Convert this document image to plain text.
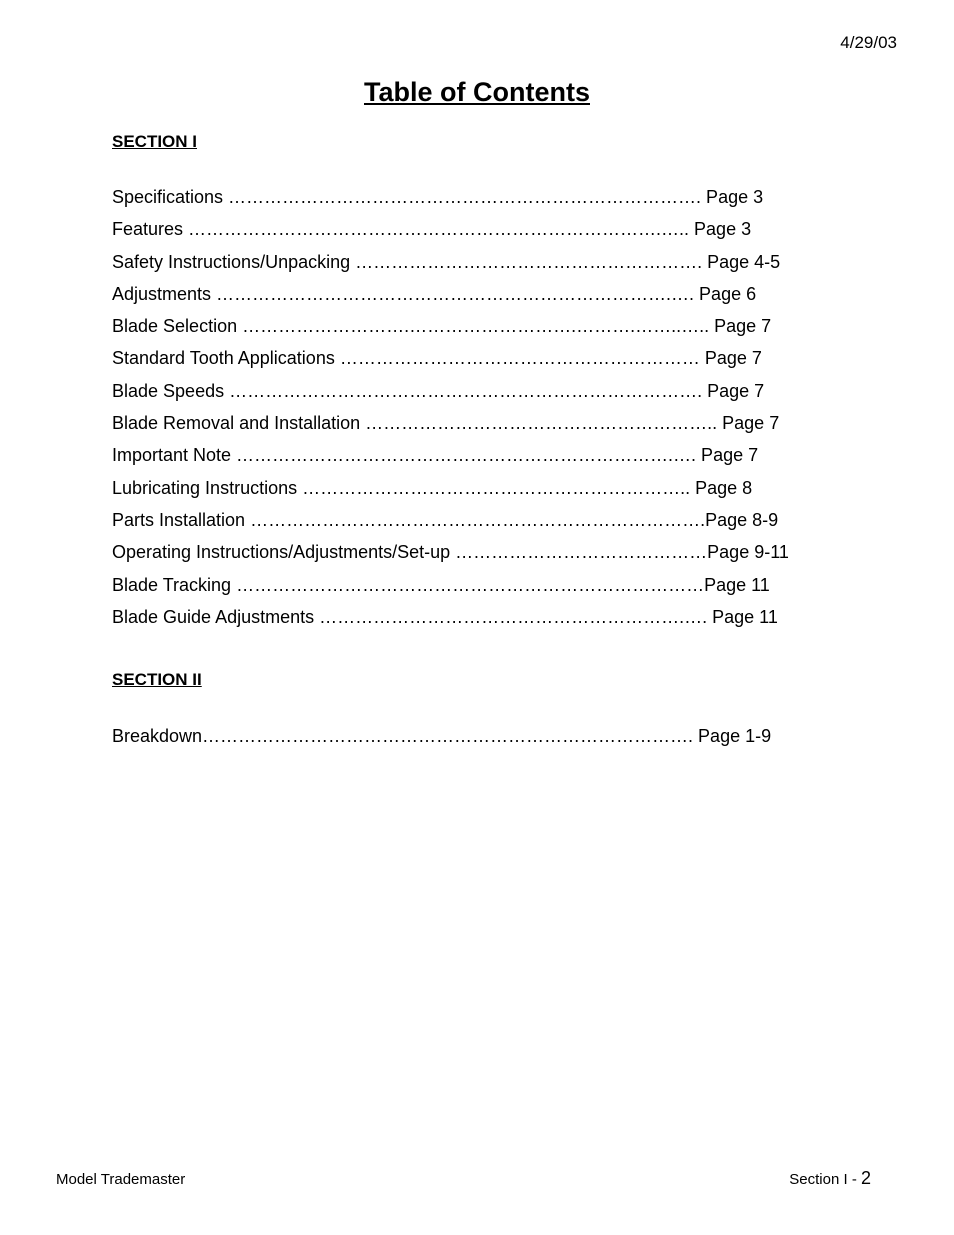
4/29/03
Table of Contents
SECTION I
Specifications ……………………………………………………………………. Page 3
Features …………………………………………………………………….….. Page 3
Safety Instructions/Unpacking …………………………………………………. Page 4-5
Adjustments ………………………………………………………………….…. Page 6
Blade Selection ……………………….……………………….……….……..….. Page 7
Standard Tooth Applications …………………………………………………… Page 7
Blade Speeds ……………………………………………………………………. Page 7
Blade Removal and Installation ………………………………………………….. Page 7
Important Note ……………………………………………………………….…. Page 7
Lubricating Instructions ……………………………………………………….. Page 8
Parts Installation ………………………………………………………………….Page 8-9
Operating Instructions/Adjustments/Set-up ……………………………………Page 9-11
Blade Tracking ……………………………………………………………………Page 11
Blade Guide Adjustments …………………………………………………….…. Page 11
SECTION II
Breakdown………………………………………………………………………. Page 1-9
Model Trademaster	Section I - 2
